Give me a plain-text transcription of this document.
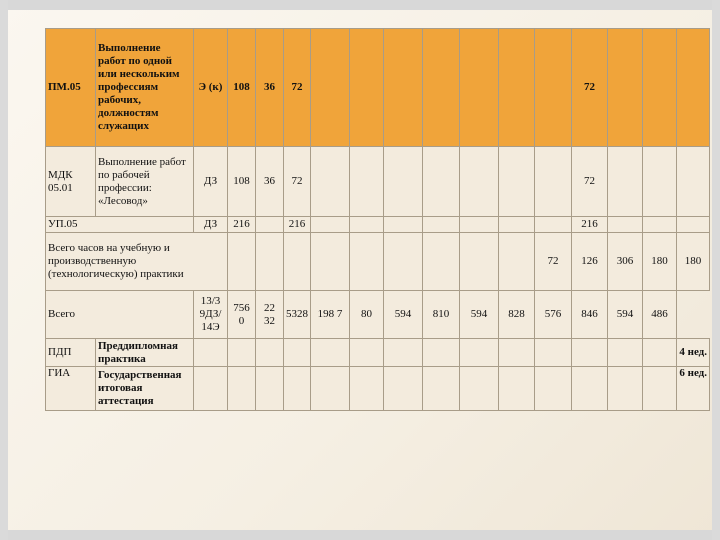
ПМ.05	Выполнение работ по одной или нескольким профессиям рабочих, должностям служащих	Э (к)	108	36	72								72			
МДК 05.01	Выполнение работ по рабочей профессии: «Лесовод»	ДЗ	108	36	72								72			
УП.05		ДЗ	216		216								216			
Всего часов на учебную и производственную (технологическую) практики												72	126	306	180	180
Всего		13/3 9ДЗ/ 14Э	756 0	22 32	5328	198 7	80	594	810	594	828	576	846	594	486	
ПДП	Преддипломная практика															4 нед.
ГИА	Государственная итоговая аттестация															6 нед.
